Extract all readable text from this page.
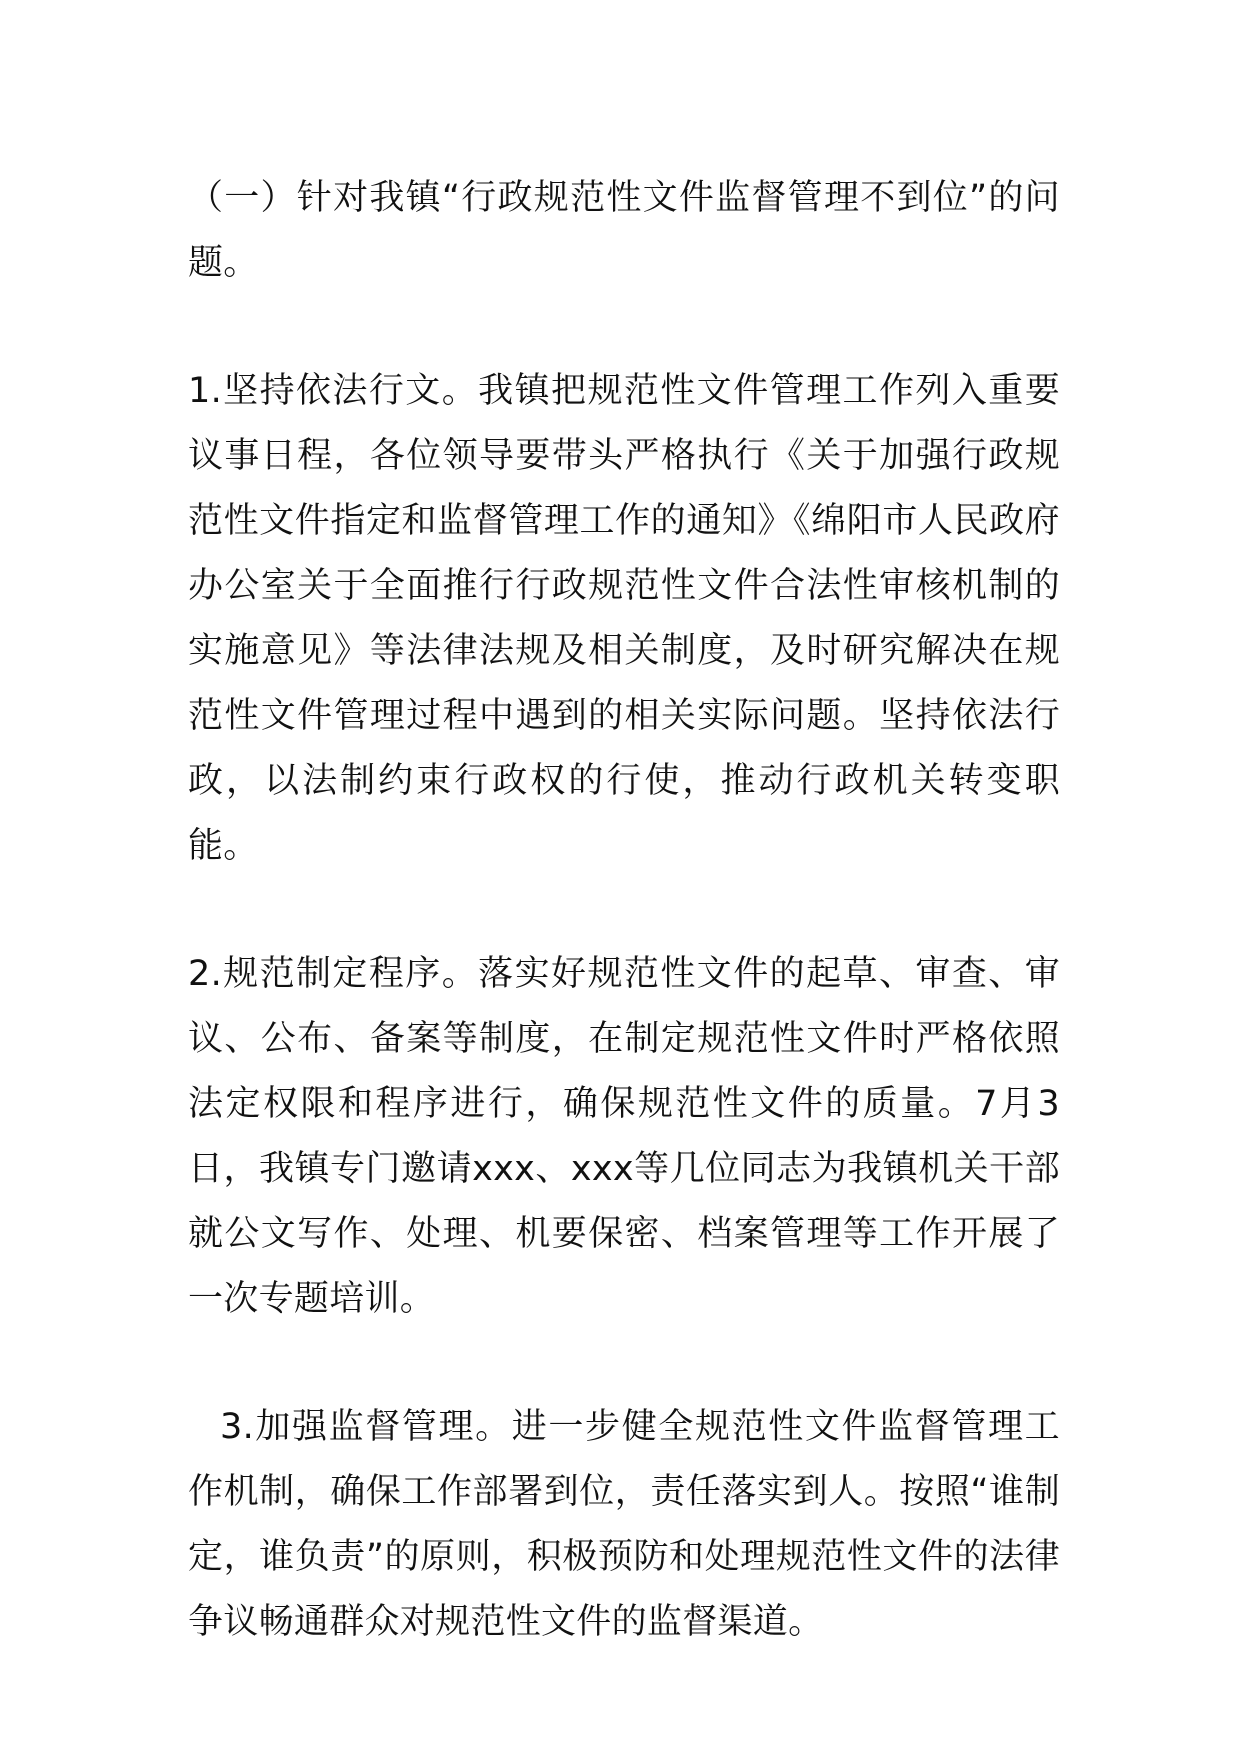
（一）针对我镇“行政规范性文件监督管理不到位”的问题。

1.坚持依法行文。我镇把规范性文件管理工作列入重要议事日程，各位领导要带头严格执行《关于加强行政规范性文件指定和监督管理工作的通知》《绵阳市人民政府办公室关于全面推行行政规范性文件合法性审核机制的实施意见》等法律法规及相关制度，及时研究解决在规范性文件管理过程中遇到的相关实际问题。坚持依法行政，以法制约束行政权的行使，推动行政机关转变职能。

2.规范制定程序。落实好规范性文件的起草、审查、审议、公布、备案等制度，在制定规范性文件时严格依照法定权限和程序进行，确保规范性文件的质量。7月3日，我镇专门邀请xxx、xxx等几位同志为我镇机关干部就公文写作、处理、机要保密、档案管理等工作开展了一次专题培训。

3.加强监督管理。进一步健全规范性文件监督管理工作机制，确保工作部署到位，责任落实到人。按照“谁制定，谁负责”的原则，积极预防和处理规范性文件的法律争议畅通群众对规范性文件的监督渠道。
